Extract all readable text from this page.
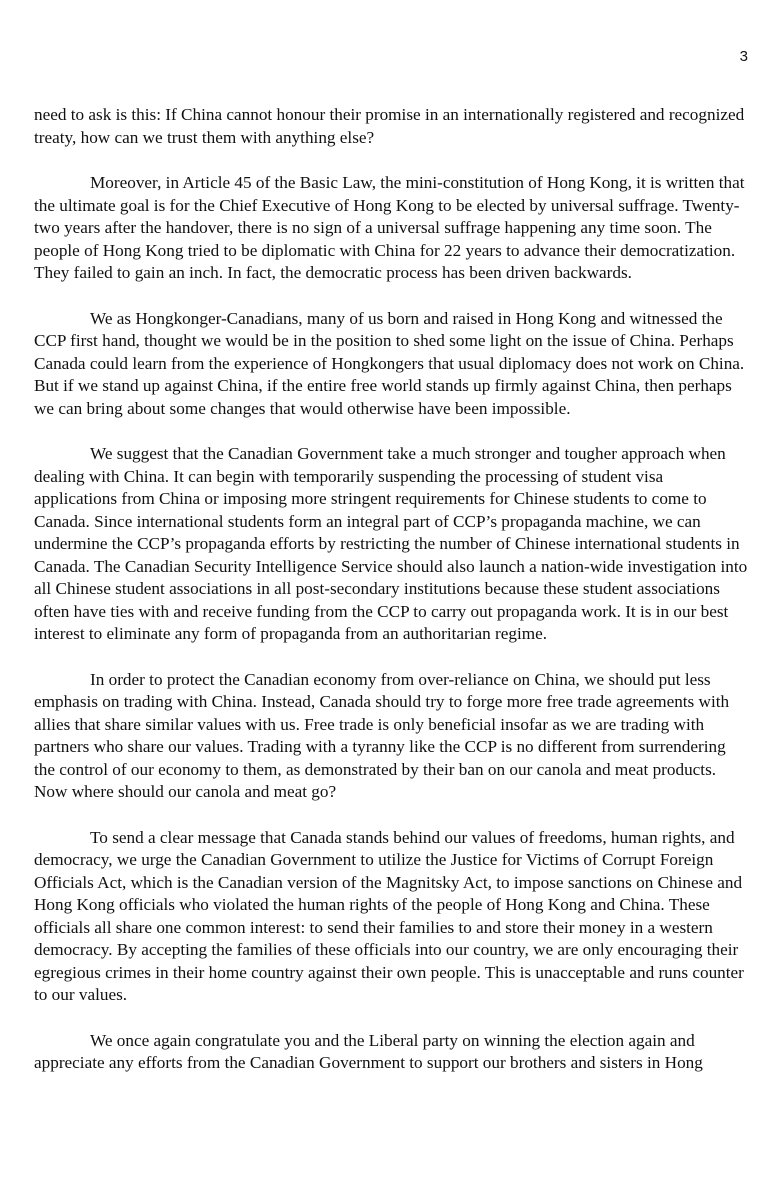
3

need to ask is this: If China cannot honour their promise in an internationally registered and recognized treaty, how can we trust them with anything else?

Moreover, in Article 45 of the Basic Law, the mini-constitution of Hong Kong, it is written that the ultimate goal is for the Chief Executive of Hong Kong to be elected by universal suffrage. Twenty-two years after the handover, there is no sign of a universal suffrage happening any time soon. The people of Hong Kong tried to be diplomatic with China for 22 years to advance their democratization. They failed to gain an inch. In fact, the democratic process has been driven backwards.

We as Hongkonger-Canadians, many of us born and raised in Hong Kong and witnessed the CCP first hand, thought we would be in the position to shed some light on the issue of China. Perhaps Canada could learn from the experience of Hongkongers that usual diplomacy does not work on China. But if we stand up against China, if the entire free world stands up firmly against China, then perhaps we can bring about some changes that would otherwise have been impossible.

We suggest that the Canadian Government take a much stronger and tougher approach when dealing with China. It can begin with temporarily suspending the processing of student visa applications from China or imposing more stringent requirements for Chinese students to come to Canada. Since international students form an integral part of CCP’s propaganda machine, we can undermine the CCP’s propaganda efforts by restricting the number of Chinese international students in Canada. The Canadian Security Intelligence Service should also launch a nation-wide investigation into all Chinese student associations in all post-secondary institutions because these student associations often have ties with and receive funding from the CCP to carry out propaganda work. It is in our best interest to eliminate any form of propaganda from an authoritarian regime.

In order to protect the Canadian economy from over-reliance on China, we should put less emphasis on trading with China. Instead, Canada should try to forge more free trade agreements with allies that share similar values with us. Free trade is only beneficial insofar as we are trading with partners who share our values. Trading with a tyranny like the CCP is no different from surrendering the control of our economy to them, as demonstrated by their ban on our canola and meat products. Now where should our canola and meat go?

To send a clear message that Canada stands behind our values of freedoms, human rights, and democracy, we urge the Canadian Government to utilize the Justice for Victims of Corrupt Foreign Officials Act, which is the Canadian version of the Magnitsky Act, to impose sanctions on Chinese and Hong Kong officials who violated the human rights of the people of Hong Kong and China. These officials all share one common interest: to send their families to and store their money in a western democracy. By accepting the families of these officials into our country, we are only encouraging their egregious crimes in their home country against their own people. This is unacceptable and runs counter to our values.

We once again congratulate you and the Liberal party on winning the election again and appreciate any efforts from the Canadian Government to support our brothers and sisters in Hong
